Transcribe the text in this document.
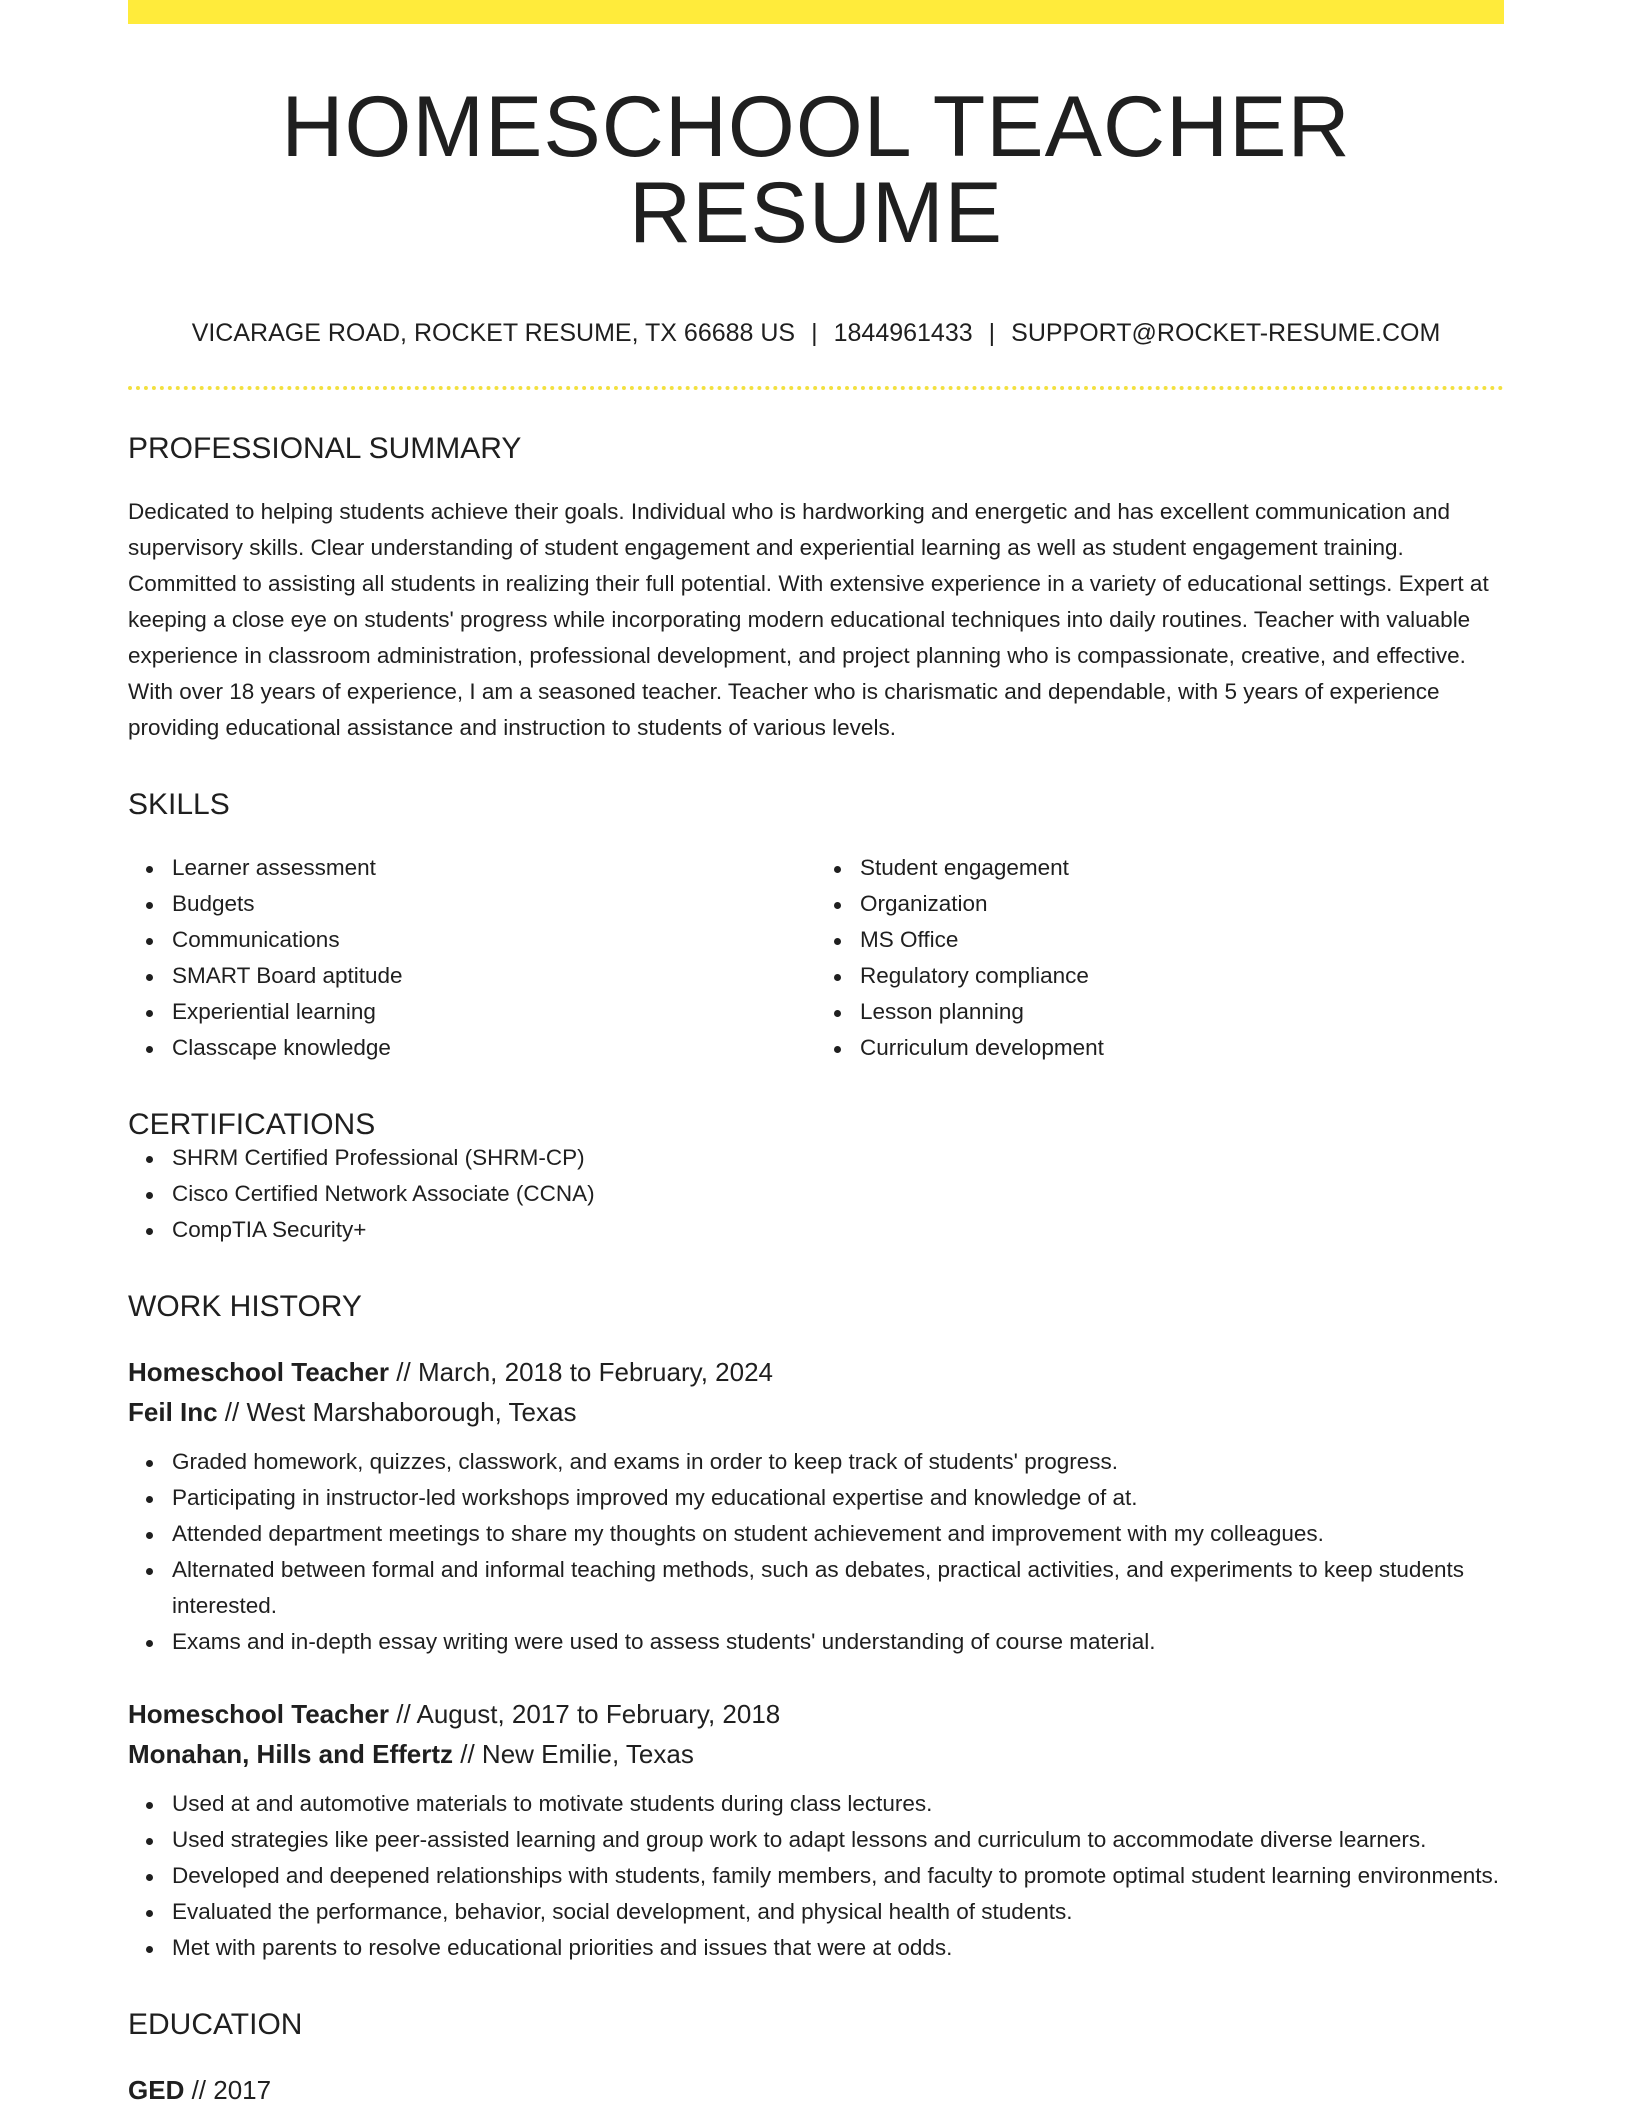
HOMESCHOOL TEACHER RESUME
VICARAGE ROAD, ROCKET RESUME, TX 66688 US | 1844961433 | SUPPORT@ROCKET-RESUME.COM
PROFESSIONAL SUMMARY

Dedicated to helping students achieve their goals. Individual who is hardworking and energetic and has excellent communication and supervisory skills. Clear understanding of student engagement and experiential learning as well as student engagement training. Committed to assisting all students in realizing their full potential. With extensive experience in a variety of educational settings. Expert at keeping a close eye on students' progress while incorporating modern educational techniques into daily routines. Teacher with valuable experience in classroom administration, professional development, and project planning who is compassionate, creative, and effective. With over 18 years of experience, I am a seasoned teacher. Teacher who is charismatic and dependable, with 5 years of experience providing educational assistance and instruction to students of various levels.

SKILLS
Learner assessment
Budgets
Communications
SMART Board aptitude
Experiential learning
Classcape knowledge
Student engagement
Organization
MS Office
Regulatory compliance
Lesson planning
Curriculum development
CERTIFICATIONS
SHRM Certified Professional (SHRM-CP)
Cisco Certified Network Associate (CCNA)
CompTIA Security+
WORK HISTORY
Homeschool Teacher // March, 2018 to February, 2024
Feil Inc // West Marshaborough, Texas
Graded homework, quizzes, classwork, and exams in order to keep track of students' progress.
Participating in instructor-led workshops improved my educational expertise and knowledge of at.
Attended department meetings to share my thoughts on student achievement and improvement with my colleagues.
Alternated between formal and informal teaching methods, such as debates, practical activities, and experiments to keep students interested.
Exams and in-depth essay writing were used to assess students' understanding of course material.
Homeschool Teacher // August, 2017 to February, 2018
Monahan, Hills and Effertz // New Emilie, Texas
Used at and automotive materials to motivate students during class lectures.
Used strategies like peer-assisted learning and group work to adapt lessons and curriculum to accommodate diverse learners.
Developed and deepened relationships with students, family members, and faculty to promote optimal student learning environments.
Evaluated the performance, behavior, social development, and physical health of students.
Met with parents to resolve educational priorities and issues that were at odds.
EDUCATION
GED // 2017
